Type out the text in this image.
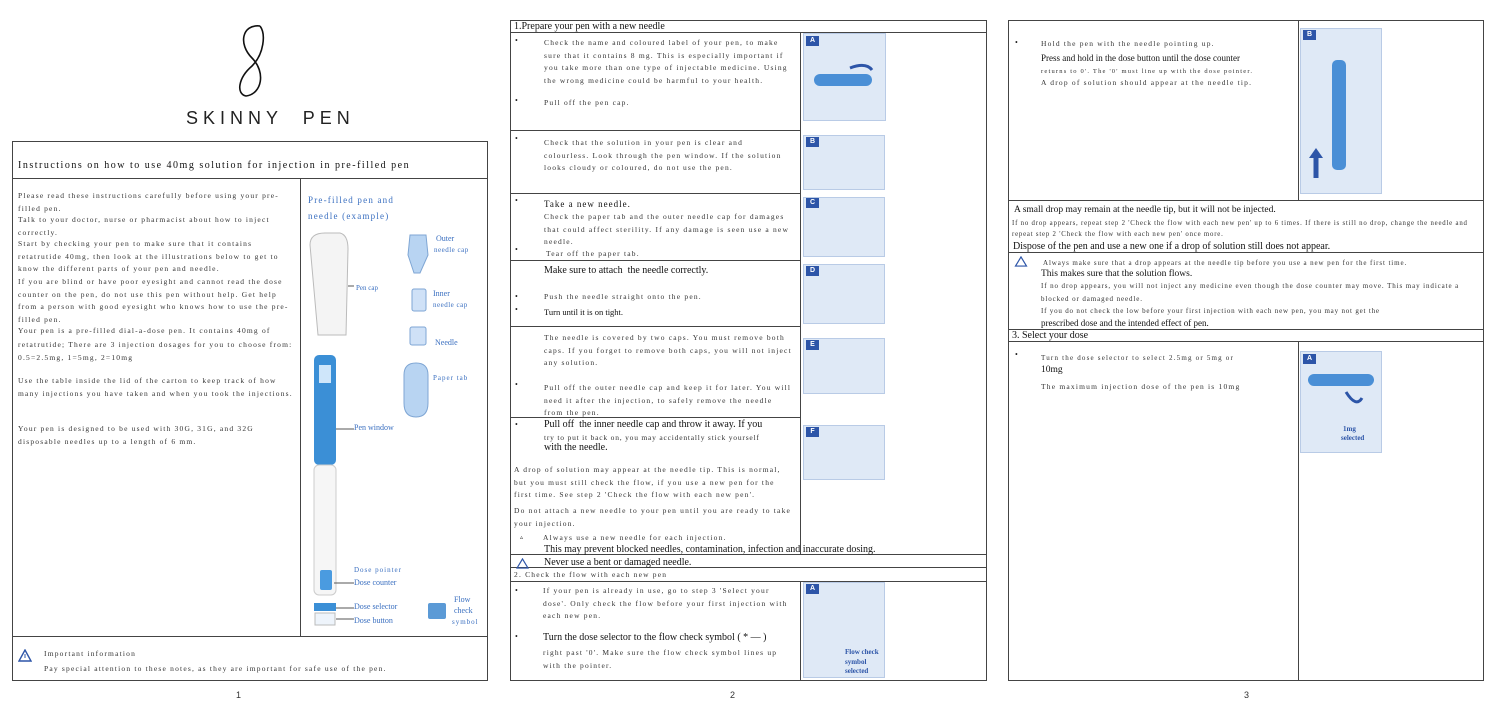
SKINNY  PEN
Instructions on how to use 40mg solution for injection in pre-filled pen
Please read these instructions carefully before using your pre-filled pen.
Talk to your doctor, nurse or pharmacist about how to inject correctly.
Start by checking your pen to make sure that it contains retatrutide 40mg, then look at the illustrations below to get to know the different parts of your pen and needle.
If you are blind or have poor eyesight and cannot read the dose counter on the pen, do not use this pen without help. Get help from a person with good eyesight who knows how to use the pre-filled pen.
Your pen is a pre-filled dial-a-dose pen. It contains 40mg of
retatrutide; There are 3 injection dosages for you to choose from: 0.5=2.5mg, 1=5mg, 2=10mg
Use the table inside the lid of the carton to keep track of how many injections you have taken and when you took the injections.
Your pen is designed to be used with 30G, 31G, and 32G disposable needles up to a length of 6 mm.
Pre-filled pen and needle (example)
Outer
needle cap
Pen cap
Inner
needle cap
Needle
Paper tab
Pen window
Dose pointer
Dose counter
Dose selector
Dose button
Flow
check
symbol
Important information
Pay special attention to these notes, as they are important for safe use of the pen.
1
1.Prepare your pen with a new needle
•	Check the name and coloured label of your pen, to make sure that it contains 8 mg. This is especially important if you take more than one type of injectable medicine. Using the wrong medicine could be harmful to your health.
•	Pull off the pen cap.
•	Check that the solution in your pen is clear and colourless. Look through the pen window. If the solution looks cloudy or coloured, do not use the pen.
•	Take a new needle.
Check the paper tab and the outer needle cap for damages that could affect sterility. If any damage is seen use a new needle.
•	Tear off the paper tab.
Make sure to attach  the needle correctly.
•	Push the needle straight onto the pen.
•	Turn until it is on tight.
The needle is covered by two caps. You must remove both caps. If you forget to remove both caps, you will not inject any solution.
•	Pull off the outer needle cap and keep it for later. You will need it after the injection, to safely remove the needle from the pen.
•	Pull off  the inner needle cap and throw it away. If you
try to put it back on, you may accidentally stick yourself
with the needle.
A drop of solution may appear at the needle tip. This is normal, but you must still check the flow, if you use a new pen for the first time. See step 2 'Check the flow with each new pen'.
Do not attach a new needle to your pen until you are ready to take your injection.
▵	Always use a new needle for each injection.
This may prevent blocked needles, contamination, infection and inaccurate dosing.
Never use a bent or damaged needle.
2. Check the flow with each new pen
•	If your pen is already in use, go to step 3 'Select your dose'. Only check the flow before your first injection with each new pen.
•	Turn the dose selector to the flow check symbol ( * — )
right past '0'. Make sure the flow check symbol lines up with the pointer.
A
B
C
D
E
F
A
Flow check
symbol
selected
2
•	Hold the pen with the needle pointing up.
Press and hold in the dose button until the dose counter
returns to 0'. The '0' must line up with the dose pointer.
A drop of solution should appear at the needle tip.
B
A small drop may remain at the needle tip, but it will not be injected.
If no drop appears, repeat step 2 'Check the flow with each new pen' up to 6 times. If there is still no drop, change the needle and repeat step 2 'Check the flow with each new pen' once more.
Dispose of the pen and use a new one if a drop of solution still does not appear.
Always make sure that a drop appears at the needle tip before you use a new pen for the first time.
This makes sure that the solution flows.
If no drop appears, you will not inject any medicine even though the dose counter may move. This may indicate a blocked or damaged needle.
If you do not check the low before your first injection with each new pen, you may not get the
prescribed dose and the intended effect of pen.
3. Select your dose
•	Turn the dose selector to select 2.5mg or 5mg or
10mg
The maximum injection dose of the pen is 10mg
A
1mg
selected
3
